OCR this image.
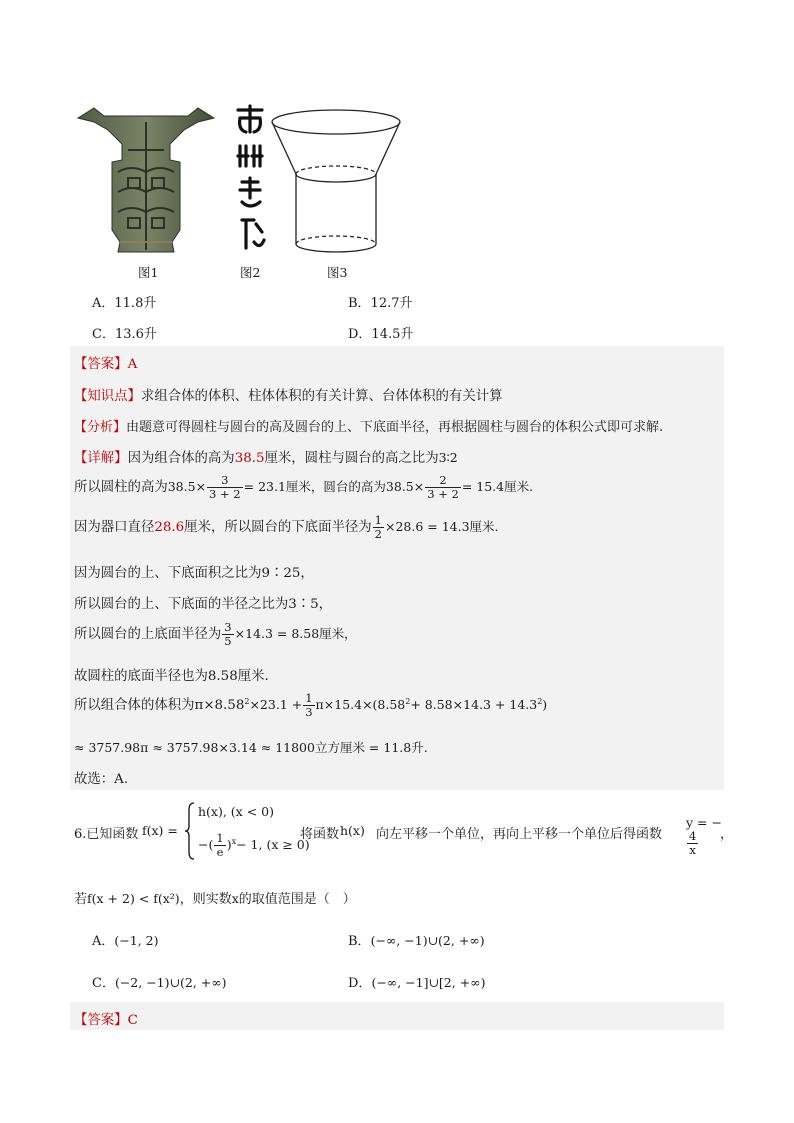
图1	图2	图3
A．11.8升	B．12.7升
C．13.6升	D．14.5升
【答案】A
【知识点】求组合体的体积、柱体体积的有关计算、台体体积的有关计算
【分析】由题意可得圆柱与圆台的高及圆台的上、下底面半径，再根据圆柱与圆台的体积公式即可求解.
【详解】因为组合体的高为38.5厘米，圆柱与圆台的高之比为3∶2
所以圆柱的高为$38.5\times \frac{3}{3 + 2} = 23.1$厘米，圆台的高为$38.5\times \frac{2}{3 + 2} = 15.4$厘米.
因为器口直径28.6厘米，所以圆台的下底面半径为 $\frac{1}{2} \times 28.6 = 14.3$厘米.
因为圆台的上、下底面积之比为9∶25，
所以圆台的上、下底面的半径之比为3∶5，
所以圆台的上底面半径为 $\frac{3}{5} \times 14.3 = 8.58$厘米，
故圆柱的底面半径也为8.58厘米.
所以组合体的体积为$\pi\times 8.58^2\times 23.1 + \frac{1}{3} \pi\times 15.4\times(8.58^2+ 8.58\times 14.3 + 14.3^2)$
≈ 3757.98π ≈ 3757.98×3.14 ≈ 11800立方厘米 = 11.8升.
故选：A.
6.已知函数 f(x) =
h(x), (x < 0)
−( $\frac{1}{e} )^x- 1$, (x ≥ 0)
将函数 h(x) 向左平移一个单位，再向上平移一个单位后得函数
y = −
$\frac{4}{x}$ ，
若f(x + 2) < f(x²)，则实数x的取值范围是（　）
A．(−1, 2)	B．(−∞, −1)∪(2, +∞)
C．(−2, −1)∪(2, +∞)	D．(−∞, −1]∪[2, +∞)
【答案】C
